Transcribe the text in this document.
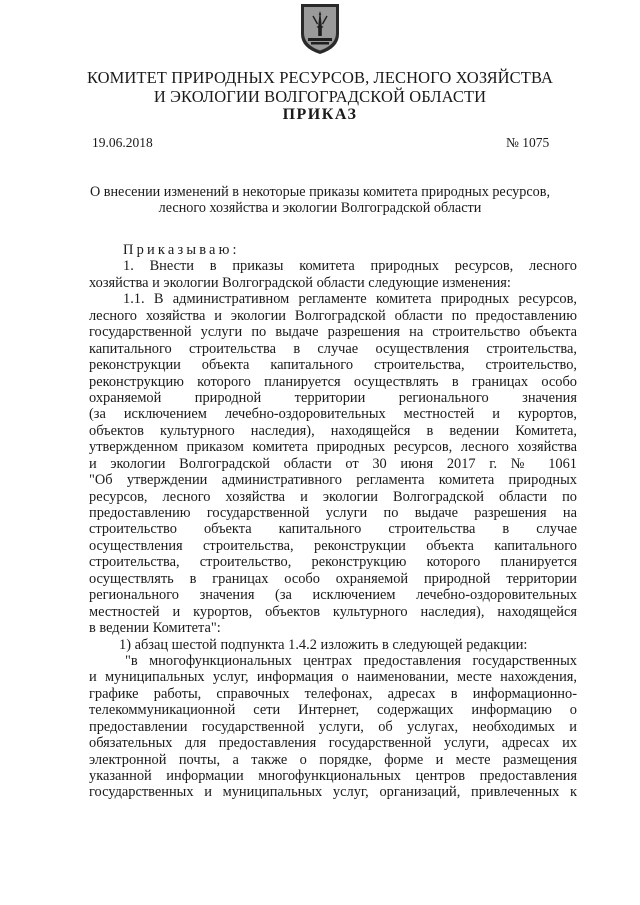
КОМИТЕТ ПРИРОДНЫХ РЕСУРСОВ, ЛЕСНОГО ХОЗЯЙСТВА
И ЭКОЛОГИИ ВОЛГОГРАДСКОЙ ОБЛАСТИ
ПРИКАЗ
19.06.2018	№ 1075
О внесении изменений в некоторые приказы комитета природных ресурсов,
лесного хозяйства и экологии Волгоградской области
Приказываю:
1. Внести в приказы комитета природных ресурсов, лесного
хозяйства и экологии Волгоградской области следующие изменения:
1.1. В административном регламенте комитета природных ресурсов,
лесного хозяйства и экологии Волгоградской области по предоставлению
государственной услуги по выдаче разрешения на строительство объекта
капитального строительства в случае осуществления строительства,
реконструкции объекта капитального строительства, строительство,
реконструкцию которого планируется осуществлять в границах особо
охраняемой природной территории регионального значения
(за исключением лечебно-оздоровительных местностей и курортов,
объектов культурного наследия), находящейся в ведении Комитета,
утвержденном приказом комитета природных ресурсов, лесного хозяйства
и экологии Волгоградской области от 30 июня 2017 г. № 1061
"Об утверждении административного регламента комитета природных
ресурсов, лесного хозяйства и экологии Волгоградской области по
предоставлению государственной услуги по выдаче разрешения на
строительство объекта капитального строительства в случае
осуществления строительства, реконструкции объекта капитального
строительства, строительство, реконструкцию которого планируется
осуществлять в границах особо охраняемой природной территории
регионального значения (за исключением лечебно-оздоровительных
местностей и курортов, объектов культурного наследия), находящейся
в ведении Комитета":
1) абзац шестой подпункта 1.4.2 изложить в следующей редакции:
"в многофункциональных центрах предоставления государственных
и муниципальных услуг, информация о наименовании, месте нахождения,
графике работы, справочных телефонах, адресах в информационно-
телекоммуникационной сети Интернет, содержащих информацию о
предоставлении государственной услуги, об услугах, необходимых и
обязательных для предоставления государственной услуги, адресах их
электронной почты, а также о порядке, форме и месте размещения
указанной информации многофункциональных центров предоставления
государственных и муниципальных услуг, организаций, привлеченных к
